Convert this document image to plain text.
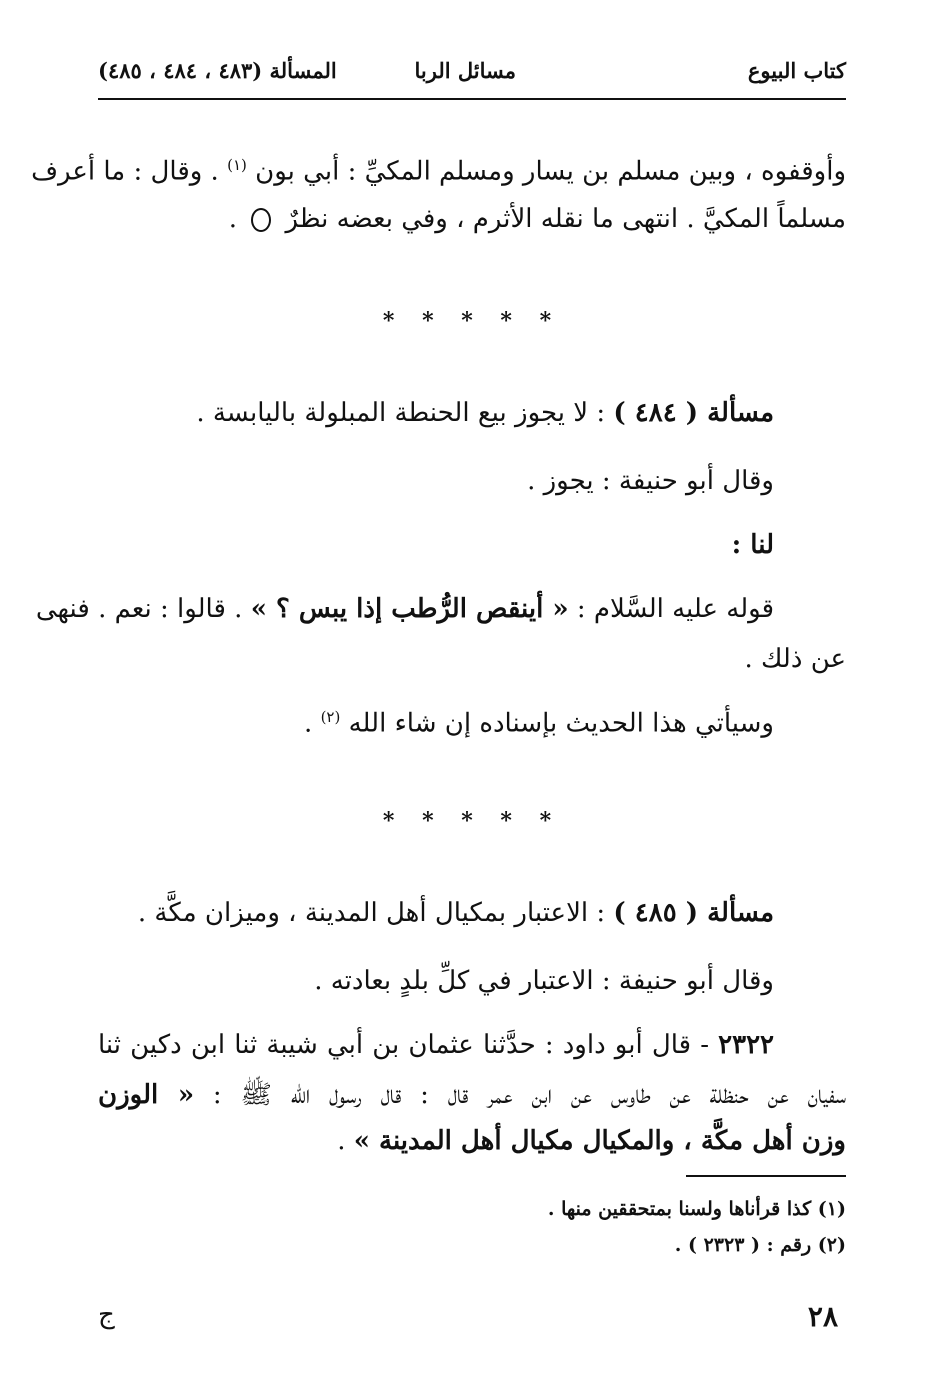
كتاب البيوع
مسائل الربا
المسألة (٤٨٣ ، ٤٨٤ ، ٤٨٥)
وأوقفوه ، وبين مسلم بن يسار ومسلم المكيِّ : أبي بون $^{(١)}$ . وقال : ما أعرف
مسلماً المكيَّ . انتهى ما نقله الأثرم ، وفي بعضه نظرٌ  .
* * * * *
مسألة ( ٤٨٤ ) : لا يجوز بيع الحنطة المبلولة باليابسة .
وقال أبو حنيفة : يجوز .
لنا :
قوله عليه السَّلام : « أينقص الرُّطب إذا يبس ؟ » . قالوا : نعم . فنهى
عن ذلك .
وسيأتي هذا الحديث بإسناده إن شاء الله $^{(٢)}$ .
* * * * *
مسألة ( ٤٨٥ ) : الاعتبار بمكيال أهل المدينة ، وميزان مكَّة .
وقال أبو حنيفة : الاعتبار في كلِّ بلدٍ بعادته .
٢٣٢٢ - قال أبو داود : حدَّثنا عثمان بن أبي شيبة ثنا ابن دكين ثنا
سفيان عن حنظلة عن طاوس عن ابن عمر قال : قال رسول الله ﷺ : « الوزن
وزن أهل مكَّة ، والمكيال مكيال أهل المدينة » .
(١) كذا قرأناها ولسنا بمتحققين منها .
(٢) رقم : ( ٢٣٢٣ ) .
٢٨
ج
